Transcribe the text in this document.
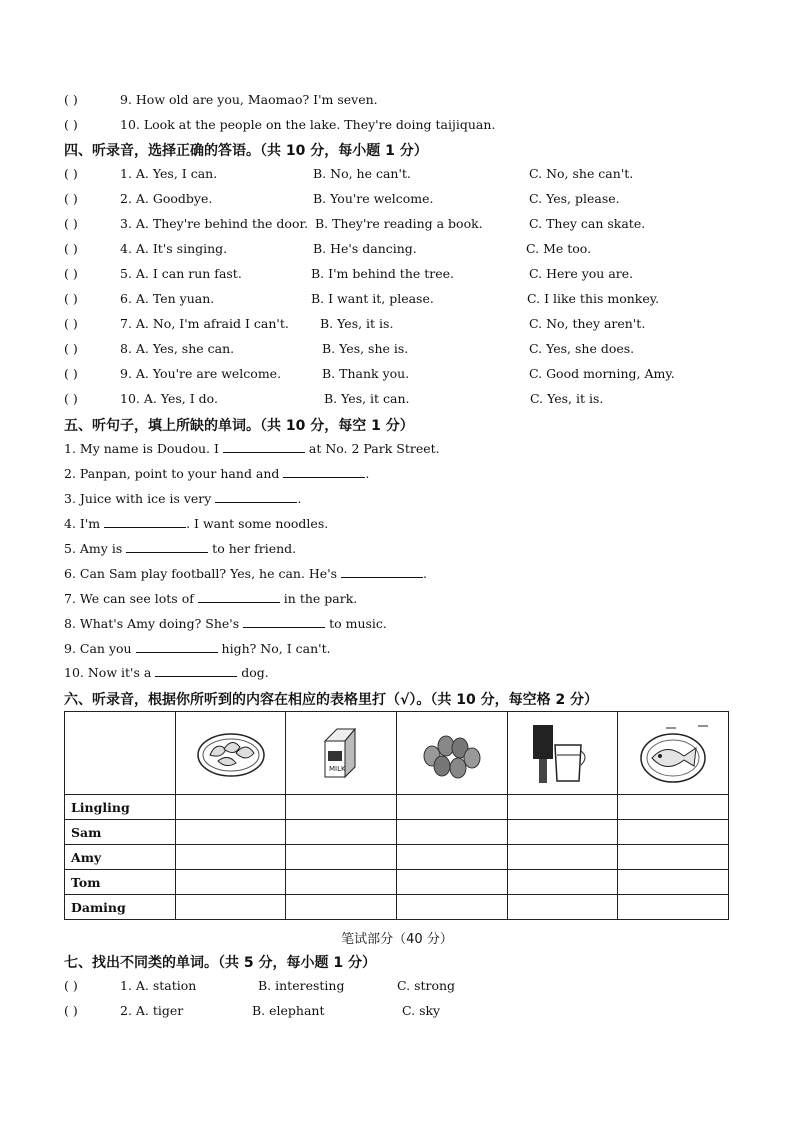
( )	9. How old are you, Maomao? I'm seven.
( )	10. Look at the people on the lake. They're doing taijiquan.
四、听录音，选择正确的答语。（共 10 分，每小题 1 分）
( )	1. A. Yes, I can.	B. No, he can't.	C. No, she can't.
( )	2. A. Goodbye.	B. You're welcome.	C. Yes, please.
( )	3. A. They're behind the door. B. They're reading a book.	C. They can skate.
( )	4. A. It's singing.	B. He's dancing.	C. Me too.
( )	5. A. I can run fast.	B. I'm behind the tree.	C. Here you are.
( )	6. A. Ten yuan.	B. I want it, please.	C. I like this monkey.
( )	7. A. No, I'm afraid I can't. B. Yes, it is.	C. No, they aren't.
( )	8. A. Yes, she can.	B. Yes, she is.	C. Yes, she does.
( )	9. A. You're are welcome.	B. Thank you.	C. Good morning, Amy.
( )	10. A. Yes, I do.	B. Yes, it can.	C. Yes, it is.
五、听句子，填上所缺的单词。（共 10 分，每空 1 分）
1. My name is Doudou. I	at No. 2 Park Street.
2. Panpan, point to your hand and	.
3. Juice with ice is very	.
4. I'm	. I want some noodles.
5. Amy is	to her friend.
6. Can Sam play football? Yes, he can. He's	.
7. We can see lots of	in the park.
8. What's Amy doing? She's	to music.
9. Can you	high? No, I can't.
10. Now it's a	dog.
六、听录音，根据你所听到的内容在相应的表格里打（√）。（共 10 分，每空格 2 分）

MILK

Lingling					
Sam					
Amy					
Tom					
Daming					
笔试部分（40 分）
七、找出不同类的单词。（共 5 分，每小题 1 分）
( )	1. A. station	B. interesting	C. strong
( )	2. A. tiger	B. elephant	C. sky
